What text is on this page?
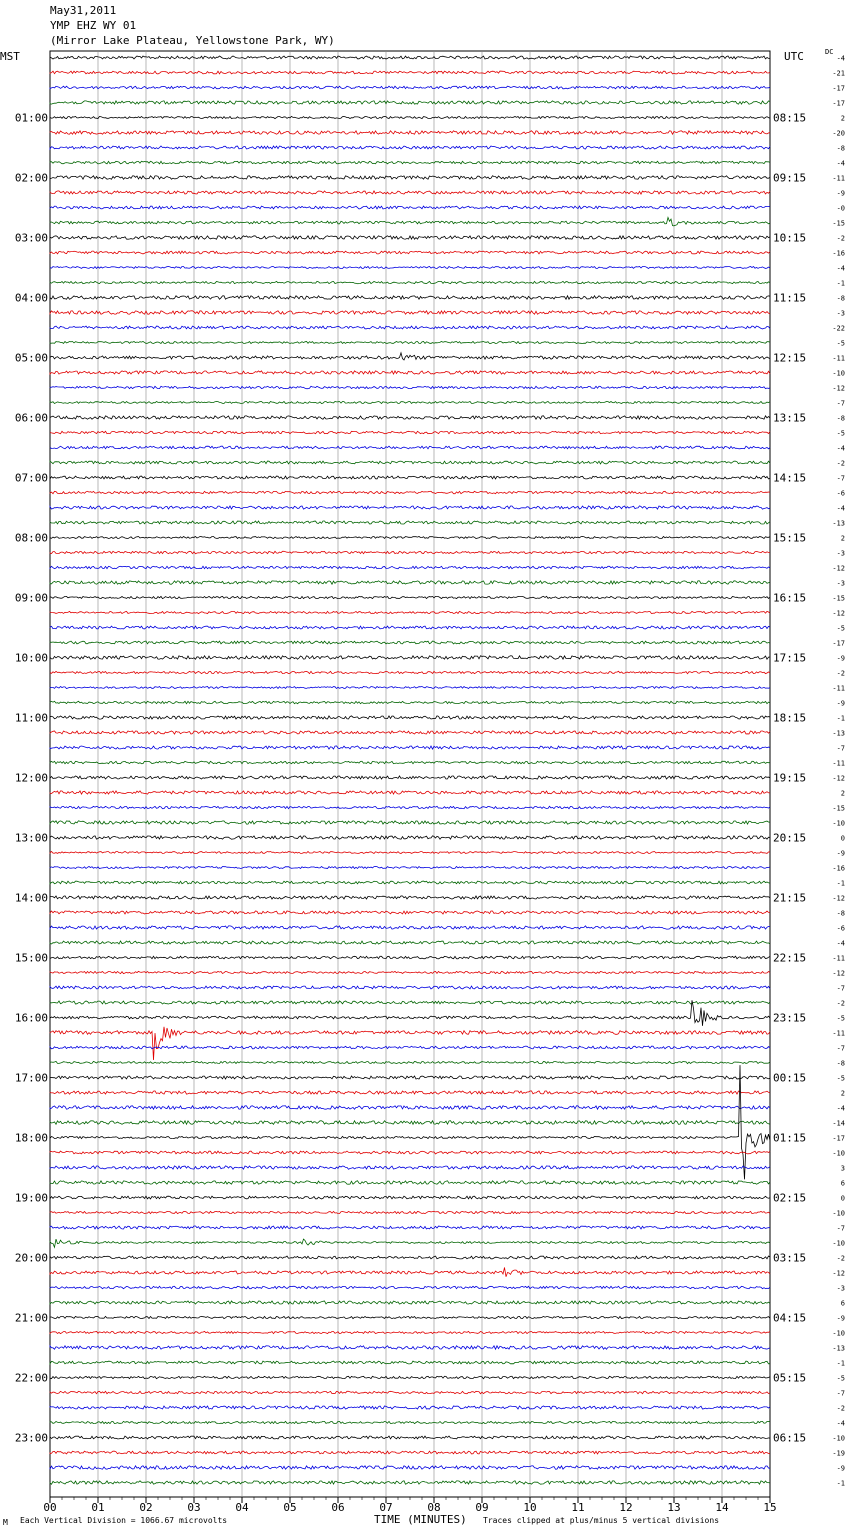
May31,2011
YMP EHZ WY 01
(Mirror Lake Plateau, Yellowstone Park, WY)
MST	UTC	DC
00	01	02	03	04	05	06	07	08	09	10	11	12	13	14	15
-4
-21
-17
-17
2
-20
-8
-4
-11
-9
-0
-15
-2
-16
-4
-1
-8
-3
-22
-5
-11
-10
-12
-7
-8
-5
-4
-2
-7
-6
-4
-13
2
-3
-12
-3
-15
-12
-5
-17
-9
-2
-11
-9
-1
-13
-7
-11
-12
2
-15
-10
0
-9
-16
-1
-12
-8
-6
-4
-11
-12
-7
-2
-5
-11
-7
-8
-5
2
-4
-14
-17
-10
3
6
0
-10
-7
-10
-2
-12
-3
6
-9
-10
-13
-1
-5
-7
-2
-4
-10
-19
-9
-1
01:00
02:00
03:00
04:00
05:00
06:00
07:00
08:00
09:00
10:00
11:00
12:00
13:00
14:00
15:00
16:00
17:00
18:00
19:00
20:00
21:00
22:00
23:00
08:15
09:15
10:15
11:15
12:15
13:15
14:15
15:15
16:15
17:15
18:15
19:15
20:15
21:15
22:15
23:15
00:15
01:15
02:15
03:15
04:15
05:15
06:15
M Each Vertical Division = 1066.67 microvolts	TIME (MINUTES) Traces clipped at plus/minus 5 vertical divisions
